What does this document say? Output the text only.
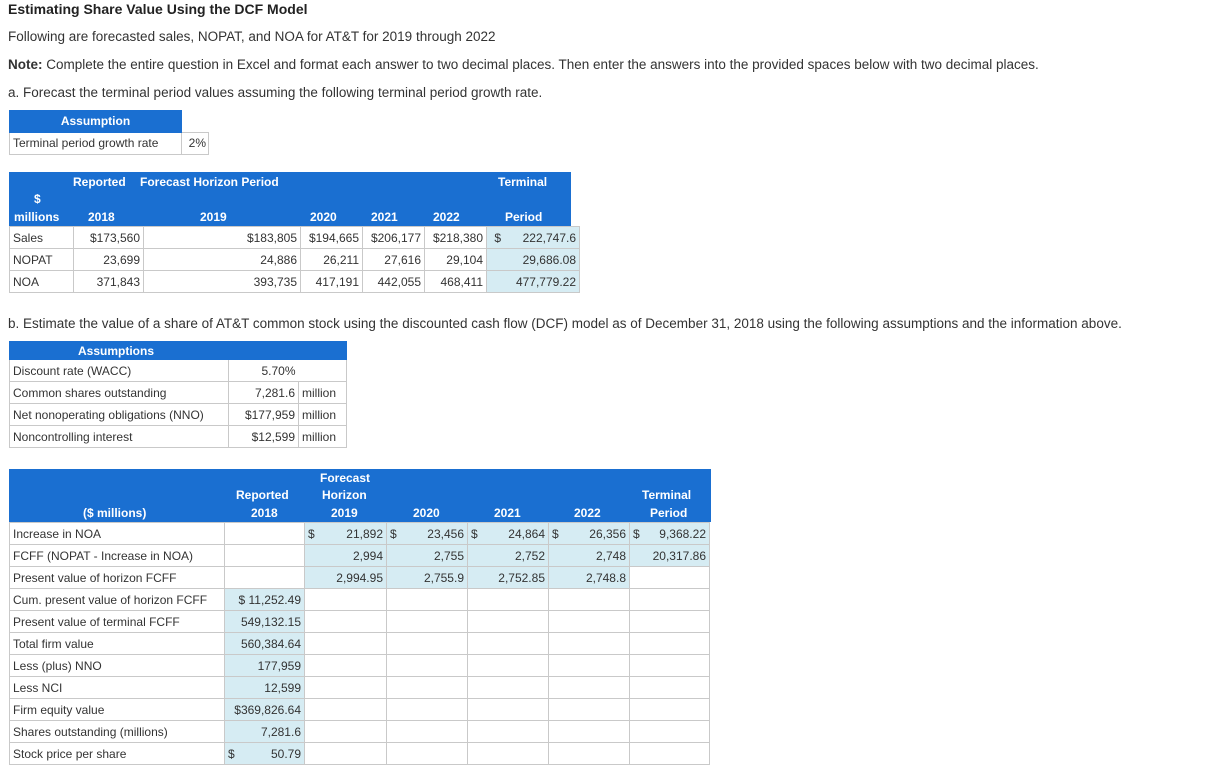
Estimating Share Value Using the DCF Model
Following are forecasted sales, NOPAT, and NOA for AT&T for 2019 through 2022
Note: Complete the entire question in Excel and format each answer to two decimal places. Then enter the answers into the provided spaces below with two decimal places.
a. Forecast the terminal period values assuming the following terminal period growth rate.
Assumption	
Terminal period growth rate	2%
Reported Forecast Horizon Period	Terminal
$
millions 2018	2019	2020	2021	2022	Period
Sales	$173,560	$183,805	$194,665	$206,177	$218,380	$	222,747.6
NOPAT	23,699	24,886	26,211	27,616	29,104		29,686.08
NOA	371,843	393,735	417,191	442,055	468,411		477,779.22
b. Estimate the value of a share of AT&T common stock using the discounted cash flow (DCF) model as of December 31, 2018 using the following assumptions and the information above.
Assumptions		
Discount rate (WACC)	5.70%	
Common shares outstanding	7,281.6	million
Net nonoperating obligations (NNO)	$177,959	million
Noncontrolling interest	$12,599	million
($ millions)
Reported
2018
Forecast
Horizon
2019	2020	2021	2022
Terminal
Period
Increase in NOA		$ 21,892	$ 23,456	$ 24,864	$ 26,356	$ 9,368.22
FCFF (NOPAT - Increase in NOA)		2,994	2,755	2,752	2,748	20,317.86
Present value of horizon FCFF		2,994.95	2,755.9	2,752.85	2,748.8	
Cum. present value of horizon FCFF	$ 11,252.49					
Present value of terminal FCFF	549,132.15					
Total firm value	560,384.64					
Less (plus) NNO	177,959					
Less NCI	12,599					
Firm equity value	$369,826.64					
Shares outstanding (millions)	7,281.6					
Stock price per share	$ 50.79					
